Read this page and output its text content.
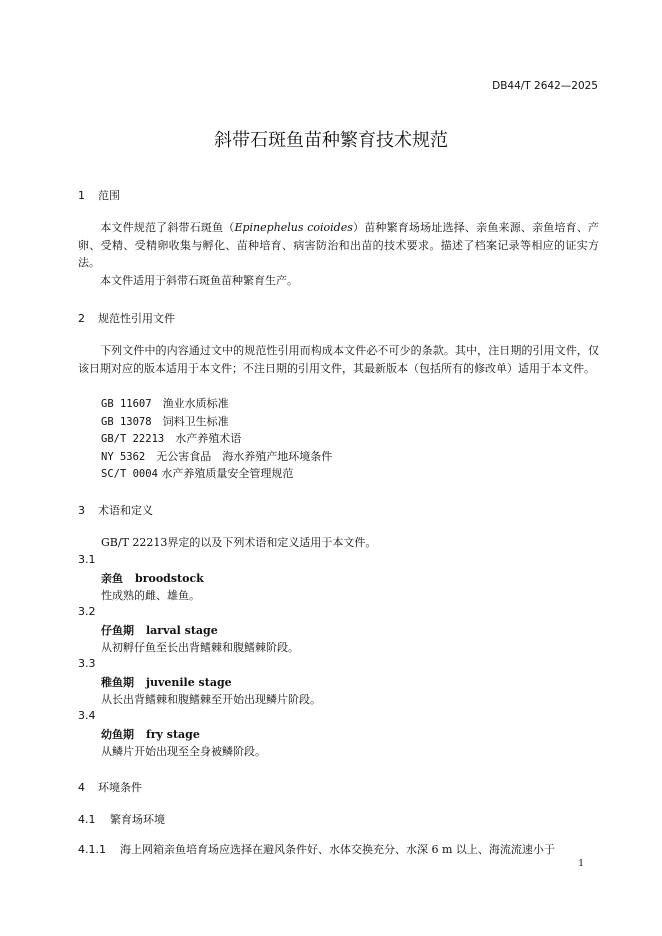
DB44/T 2642—2025
斜带石斑鱼苗种繁育技术规范
1 范围
本文件规范了斜带石斑鱼（Epinephelus coioides）苗种繁育场场址选择、亲鱼来源、亲鱼培育、产卵、受精、受精卵收集与孵化、苗种培育、病害防治和出苗的技术要求。描述了档案记录等相应的证实方法。
本文件适用于斜带石斑鱼苗种繁育生产。
2 规范性引用文件
下列文件中的内容通过文中的规范性引用而构成本文件必不可少的条款。其中，注日期的引用文件，仅该日期对应的版本适用于本文件；不注日期的引用文件，其最新版本（包括所有的修改单）适用于本文件。
GB 11607　 渔业水质标准
GB 13078　 饲料卫生标准
GB/T 22213　 水产养殖术语
NY 5362　 无公害食品　海水养殖产地环境条件
SC/T 0004 水产养殖质量安全管理规范
3 术语和定义
GB/T 22213界定的以及下列术语和定义适用于本文件。
3.1
亲鱼 broodstock
性成熟的雌、雄鱼。
3.2
仔鱼期 larval stage
从初孵仔鱼至长出背鳍棘和腹鳍棘阶段。
3.3
稚鱼期 juvenile stage
从长出背鳍棘和腹鳍棘至开始出现鳞片阶段。
3.4
幼鱼期 fry stage
从鳞片开始出现至全身被鳞阶段。
4 环境条件
4.1 繁育场环境
4.1.1 海上网箱亲鱼培育场应选择在避风条件好、水体交换充分、水深 6 m 以上、海流流速小于
1
